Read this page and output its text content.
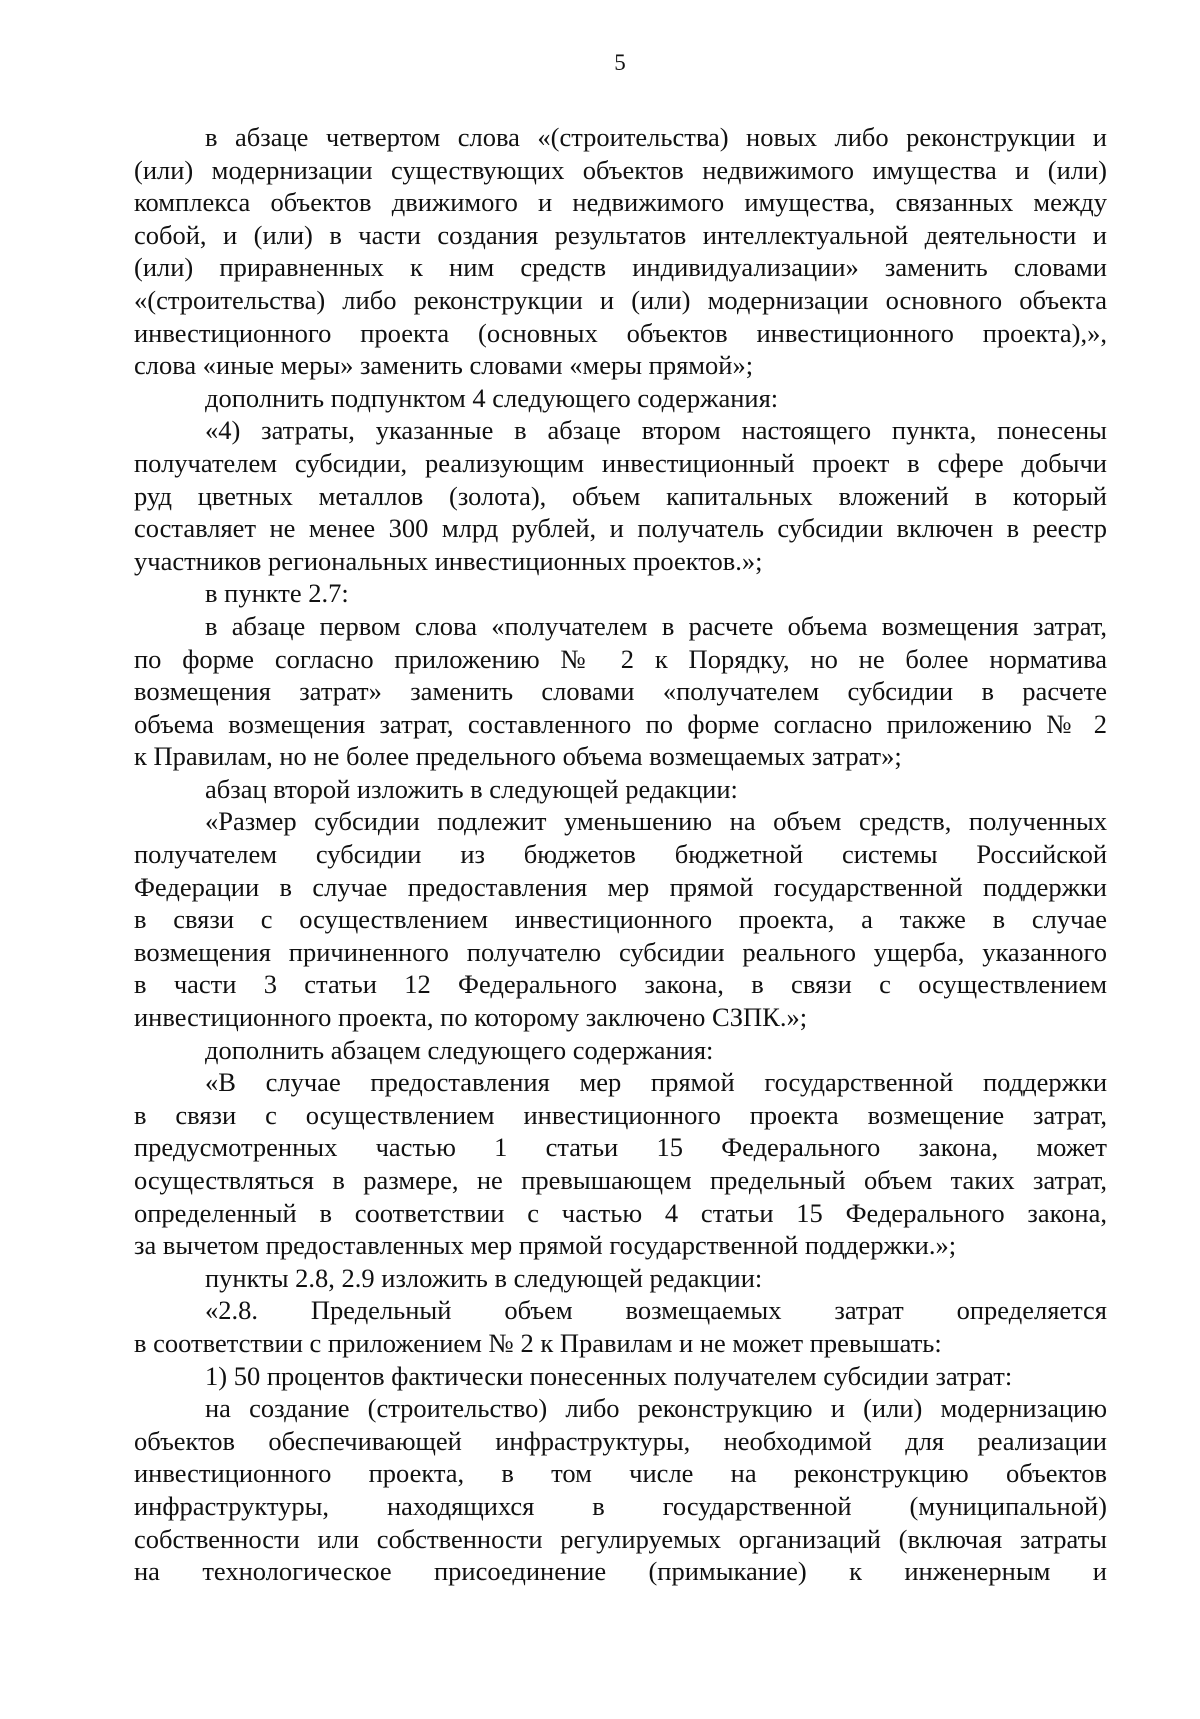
5
в абзаце четвертом слова «(строительства) новых либо реконструкции и
(или) модернизации существующих объектов недвижимого имущества и (или)
комплекса объектов движимого и недвижимого имущества, связанных между
собой, и (или) в части создания результатов интеллектуальной деятельности и
(или) приравненных к ним средств индивидуализации» заменить словами
«(строительства) либо реконструкции и (или) модернизации основного объекта
инвестиционного проекта (основных объектов инвестиционного проекта),»,
слова «иные меры» заменить словами «меры прямой»;
дополнить подпунктом 4 следующего содержания:
«4) затраты, указанные в абзаце втором настоящего пункта, понесены
получателем субсидии, реализующим инвестиционный проект в сфере добычи
руд цветных металлов (золота), объем капитальных вложений в который
составляет не менее 300 млрд рублей, и получатель субсидии включен в реестр
участников региональных инвестиционных проектов.»;
в пункте 2.7:
в абзаце первом слова «получателем в расчете объема возмещения затрат,
по форме согласно приложению № 2 к Порядку, но не более норматива
возмещения затрат» заменить словами «получателем субсидии в расчете
объема возмещения затрат, составленного по форме согласно приложению № 2
к Правилам, но не более предельного объема возмещаемых затрат»;
абзац второй изложить в следующей редакции:
«Размер субсидии подлежит уменьшению на объем средств, полученных
получателем субсидии из бюджетов бюджетной системы Российской
Федерации в случае предоставления мер прямой государственной поддержки
в связи с осуществлением инвестиционного проекта, а также в случае
возмещения причиненного получателю субсидии реального ущерба, указанного
в части 3 статьи 12 Федерального закона, в связи с осуществлением
инвестиционного проекта, по которому заключено СЗПК.»;
дополнить абзацем следующего содержания:
«В случае предоставления мер прямой государственной поддержки
в связи с осуществлением инвестиционного проекта возмещение затрат,
предусмотренных частью 1 статьи 15 Федерального закона, может
осуществляться в размере, не превышающем предельный объем таких затрат,
определенный в соответствии с частью 4 статьи 15 Федерального закона,
за вычетом предоставленных мер прямой государственной поддержки.»;
пункты 2.8, 2.9 изложить в следующей редакции:
«2.8. Предельный объем возмещаемых затрат определяется
в соответствии с приложением № 2 к Правилам и не может превышать:
1) 50 процентов фактически понесенных получателем субсидии затрат:
на создание (строительство) либо реконструкцию и (или) модернизацию
объектов обеспечивающей инфраструктуры, необходимой для реализации
инвестиционного проекта, в том числе на реконструкцию объектов
инфраструктуры, находящихся в государственной (муниципальной)
собственности или собственности регулируемых организаций (включая затраты
на технологическое присоединение (примыкание) к инженерным и
